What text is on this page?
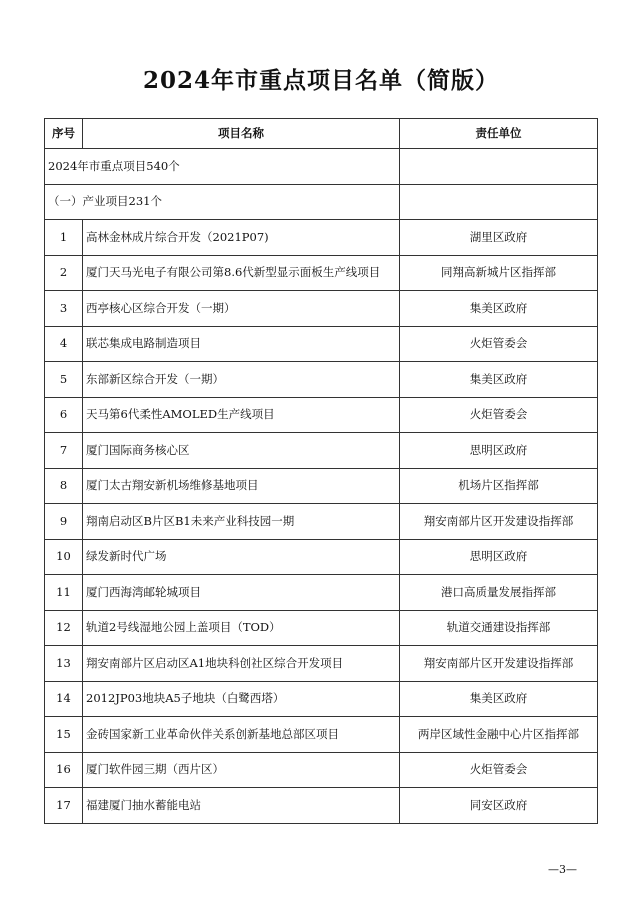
2024年市重点项目名单（简版）
序号	项目名称	责任单位
2024年市重点项目540个		
（一）产业项目231个		
1	高林金林成片综合开发（2021P07)	湖里区政府
2	厦门天马光电子有限公司第8.6代新型显示面板生产线项目	同翔高新城片区指挥部
3	西亭核心区综合开发（一期）	集美区政府
4	联芯集成电路制造项目	火炬管委会
5	东部新区综合开发（一期）	集美区政府
6	天马第6代柔性AMOLED生产线项目	火炬管委会
7	厦门国际商务核心区	思明区政府
8	厦门太古翔安新机场维修基地项目	机场片区指挥部
9	翔南启动区B片区B1未来产业科技园一期	翔安南部片区开发建设指挥部
10	绿发新时代广场	思明区政府
11	厦门西海湾邮轮城项目	港口高质量发展指挥部
12	轨道2号线湿地公园上盖项目（TOD）	轨道交通建设指挥部
13	翔安南部片区启动区A1地块科创社区综合开发项目	翔安南部片区开发建设指挥部
14	2012JP03地块A5子地块（白鹭西塔）	集美区政府
15	金砖国家新工业革命伙伴关系创新基地总部区项目	两岸区域性金融中心片区指挥部
16	厦门软件园三期（西片区）	火炬管委会
17	福建厦门抽水蓄能电站	同安区政府
—3—
